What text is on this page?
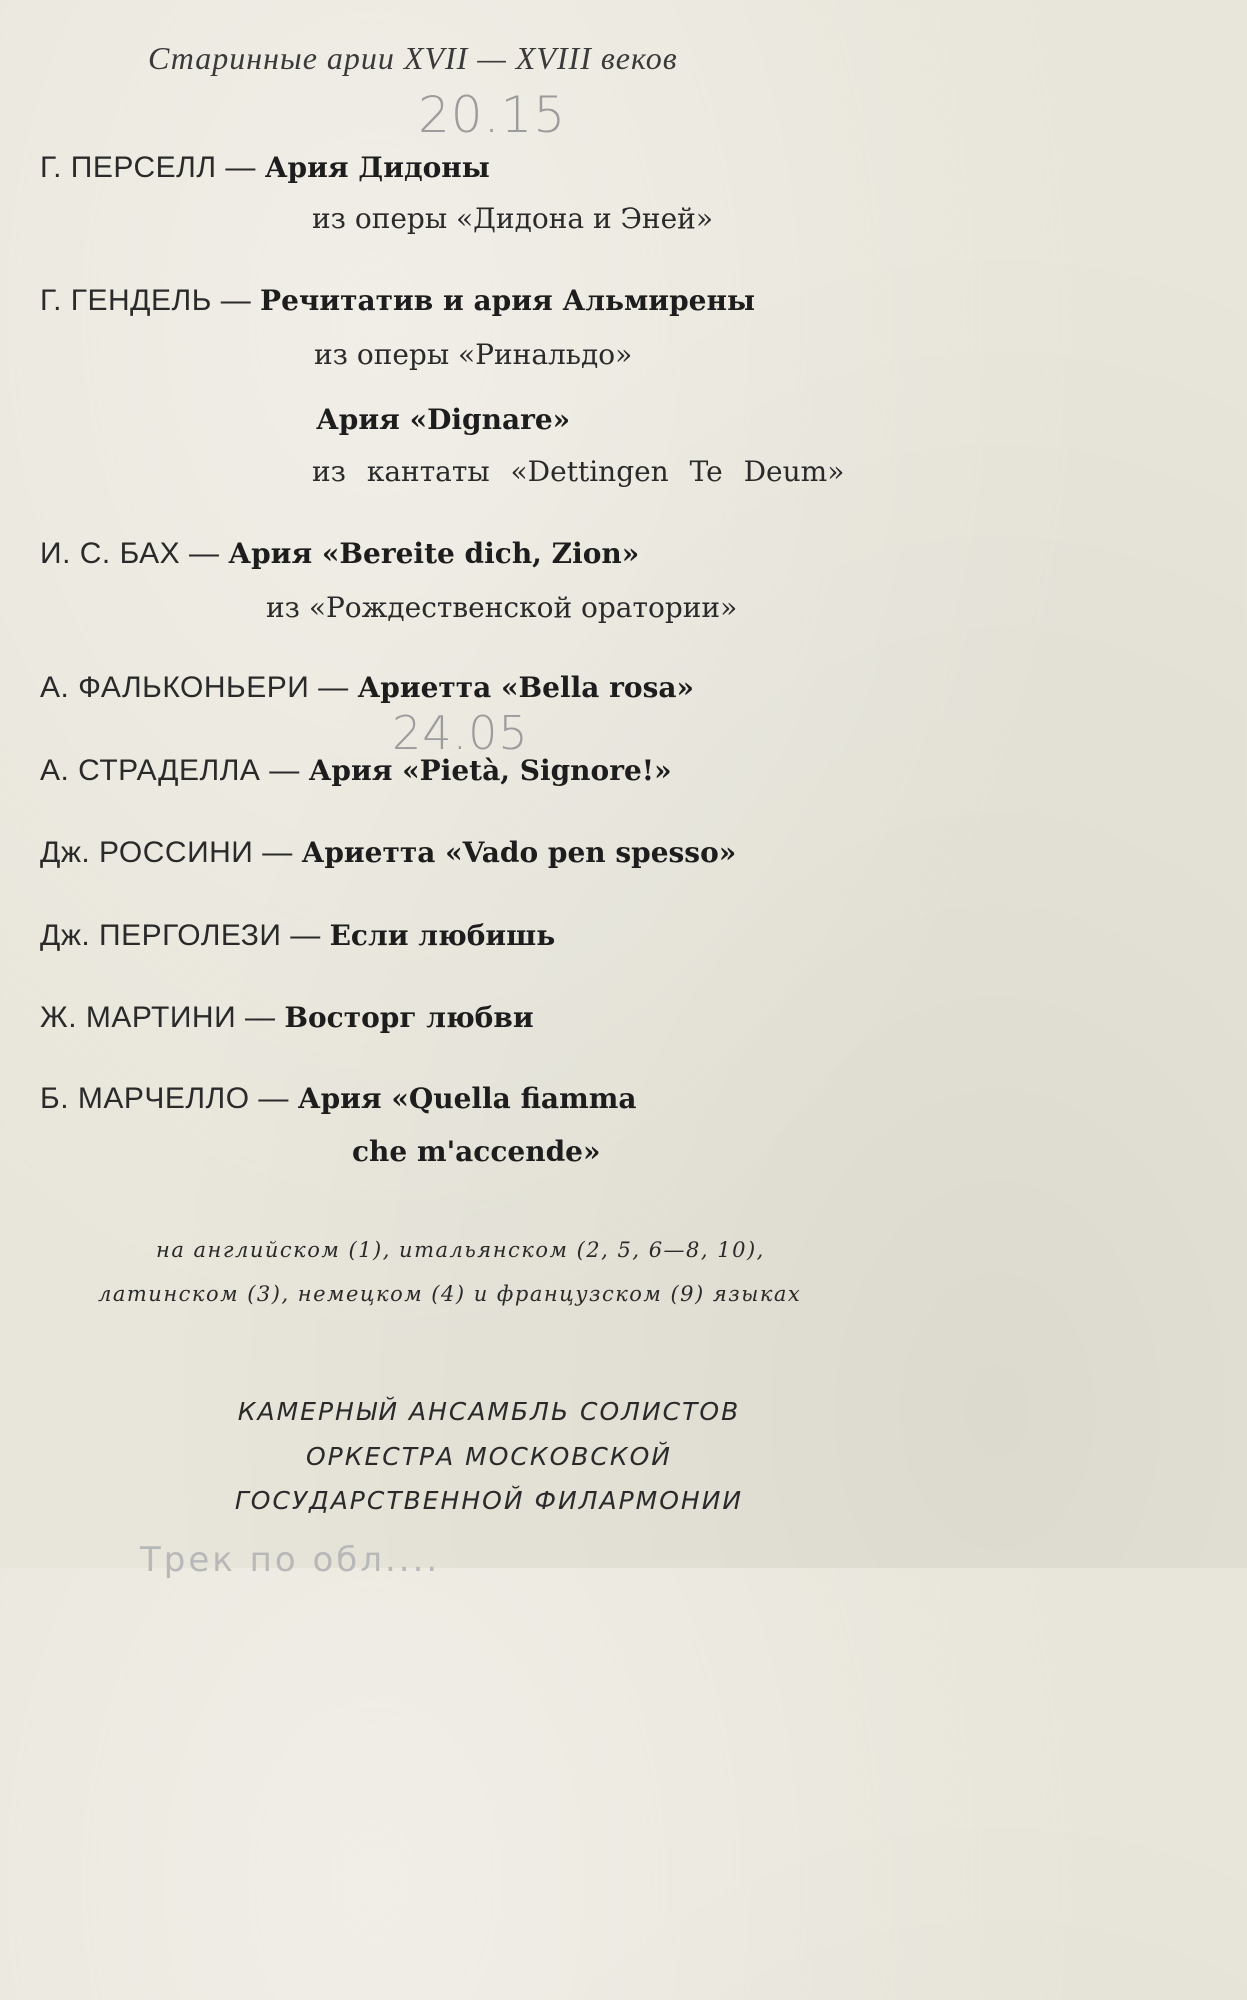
Старинные арии XVII — XVIII веков
20.15
24.05
Г. ПЕРСЕЛЛ — Ария Дидоны
из оперы «Дидона и Эней»
Г. ГЕНДЕЛЬ — Речитатив и ария Альмирены
из оперы «Ринальдо»
Ария «Dignare»
из кантаты «Dettingen Te Deum»
И. С. БАХ — Ария «Bereite dich, Zion»
из «Рождественской оратории»
А. ФАЛЬКОНЬЕРИ — Ариетта «Bella rosa»
А. СТРАДЕЛЛА — Ария «Pietà, Signore!»
Дж. РОССИНИ — Ариетта «Vado pen spesso»
Дж. ПЕРГОЛЕЗИ — Если любишь
Ж. МАРТИНИ — Восторг любви
Б. МАРЧЕЛЛО — Ария «Quella fiamma
che m'accende»
на английском (1), итальянском (2, 5, 6—8, 10),
латинском (3), немецком (4) и французском (9) языках
КАМЕРНЫЙ АНСАМБЛЬ СОЛИСТОВ
ОРКЕСТРА МОСКОВСКОЙ
ГОСУДАРСТВЕННОЙ ФИЛАРМОНИИ
Трек по обл....
